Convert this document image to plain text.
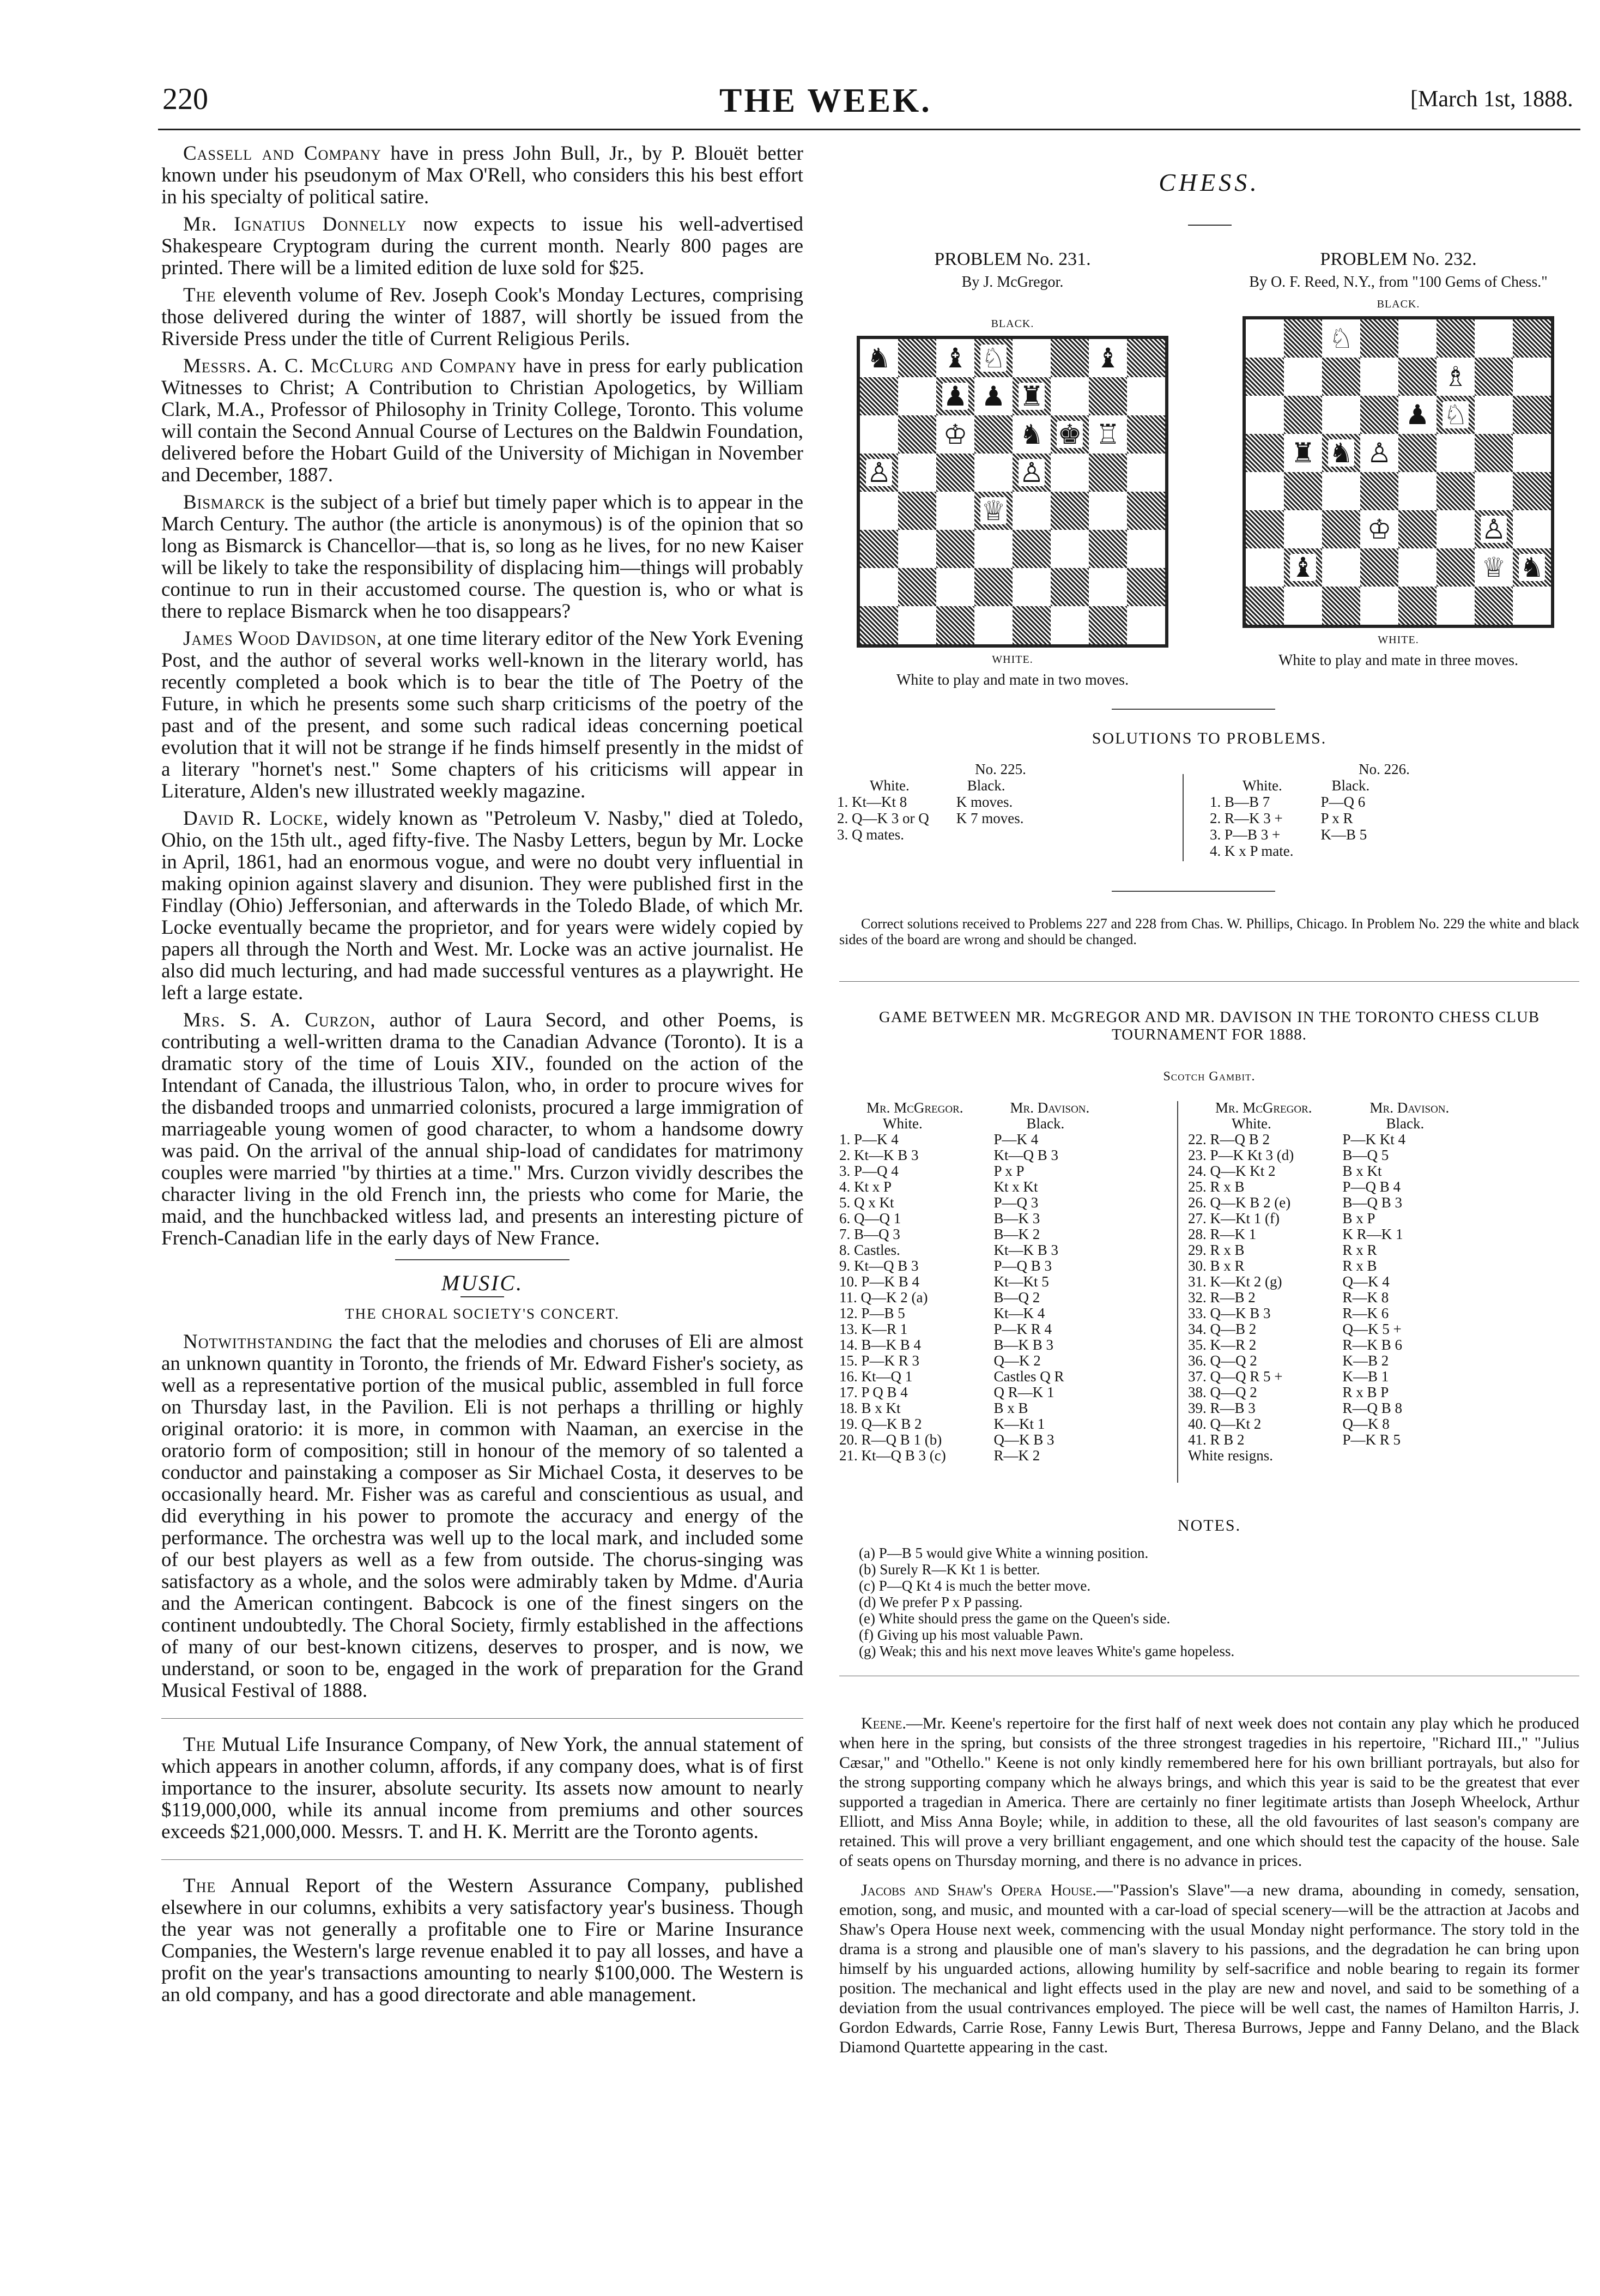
220	THE WEEK.	[March 1st, 1888.

Cassell and Company have in press John Bull, Jr., by P. Blouët better known under his pseudonym of Max O'Rell, who considers this his best effort in his specialty of political satire.

Mr. Ignatius Donnelly now expects to issue his well-advertised Shakespeare Cryptogram during the current month. Nearly 800 pages are printed. There will be a limited edition de luxe sold for $25.

The eleventh volume of Rev. Joseph Cook's Monday Lectures, comprising those delivered during the winter of 1887, will shortly be issued from the Riverside Press under the title of Current Religious Perils.

Messrs. A. C. McClurg and Company have in press for early publication Witnesses to Christ; A Contribution to Christian Apologetics, by William Clark, M.A., Professor of Philosophy in Trinity College, Toronto. This volume will contain the Second Annual Course of Lectures on the Baldwin Foundation, delivered before the Hobart Guild of the University of Michigan in November and December, 1887.

Bismarck is the subject of a brief but timely paper which is to appear in the March Century. The author (the article is anonymous) is of the opinion that so long as Bismarck is Chancellor—that is, so long as he lives, for no new Kaiser will be likely to take the responsibility of displacing him—things will probably continue to run in their accustomed course. The question is, who or what is there to replace Bismarck when he too disappears?

James Wood Davidson, at one time literary editor of the New York Evening Post, and the author of several works well-known in the literary world, has recently completed a book which is to bear the title of The Poetry of the Future, in which he presents some such sharp criticisms of the poetry of the past and of the present, and some such radical ideas concerning poetical evolution that it will not be strange if he finds himself presently in the midst of a literary "hornet's nest." Some chapters of his criticisms will appear in Literature, Alden's new illustrated weekly magazine.

David R. Locke, widely known as "Petroleum V. Nasby," died at Toledo, Ohio, on the 15th ult., aged fifty-five. The Nasby Letters, begun by Mr. Locke in April, 1861, had an enormous vogue, and were no doubt very influential in making opinion against slavery and disunion. They were published first in the Findlay (Ohio) Jeffersonian, and afterwards in the Toledo Blade, of which Mr. Locke eventually became the proprietor, and for years were widely copied by papers all through the North and West. Mr. Locke was an active journalist. He also did much lecturing, and had made successful ventures as a playwright. He left a large estate.

Mrs. S. A. Curzon, author of Laura Secord, and other Poems, is contributing a well-written drama to the Canadian Advance (Toronto). It is a dramatic story of the time of Louis XIV., founded on the action of the Intendant of Canada, the illustrious Talon, who, in order to procure wives for the disbanded troops and unmarried colonists, procured a large immigration of marriageable young women of good character, to whom a handsome dowry was paid. On the arrival of the annual ship-load of candidates for matrimony couples were married "by thirties at a time." Mrs. Curzon vividly describes the character living in the old French inn, the priests who come for Marie, the maid, and the hunchbacked witless lad, and presents an interesting picture of French-Canadian life in the early days of New France.

MUSIC.
THE CHORAL SOCIETY'S CONCERT.

Notwithstanding the fact that the melodies and choruses of Eli are almost an unknown quantity in Toronto, the friends of Mr. Edward Fisher's society, as well as a representative portion of the musical public, assembled in full force on Thursday last, in the Pavilion. Eli is not perhaps a thrilling or highly original oratorio: it is more, in common with Naaman, an exercise in the oratorio form of composition; still in honour of the memory of so talented a conductor and painstaking a composer as Sir Michael Costa, it deserves to be occasionally heard. Mr. Fisher was as careful and conscientious as usual, and did everything in his power to promote the accuracy and energy of the performance. The orchestra was well up to the local mark, and included some of our best players as well as a few from outside. The chorus-singing was satisfactory as a whole, and the solos were admirably taken by Mdme. d'Auria and the American contingent. Babcock is one of the finest singers on the continent undoubtedly. The Choral Society, firmly established in the affections of many of our best-known citizens, deserves to prosper, and is now, we understand, or soon to be, engaged in the work of preparation for the Grand Musical Festival of 1888.

The Mutual Life Insurance Company, of New York, the annual statement of which appears in another column, affords, if any company does, what is of first importance to the insurer, absolute security. Its assets now amount to nearly $119,000,000, while its annual income from premiums and other sources exceeds $21,000,000. Messrs. T. and H. K. Merritt are the Toronto agents.

The Annual Report of the Western Assurance Company, published elsewhere in our columns, exhibits a very satisfactory year's business. Though the year was not generally a profitable one to Fire or Marine Insurance Companies, the Western's large revenue enabled it to pay all losses, and have a profit on the year's transactions amounting to nearly $100,000. The Western is an old company, and has a good directorate and able management.

CHESS.
PROBLEM No. 231.
By J. McGregor.
BLACK.
♞ ♝ ♘	♝
♟ ♟ ♜
♔ ♞ ♚ ♖
♙	♙
♕
WHITE.
White to play and mate in two moves.
PROBLEM No. 232.
By O. F. Reed, N.Y., from "100 Gems of Chess."
BLACK.
♘
♗
♟ ♘
♜ ♞ ♙
♔	♙
♝	♕ ♞
WHITE.
White to play and mate in three moves.
SOLUTIONS TO PROBLEMS.
No. 225.
White.	Black.
1. Kt—Kt 8	K moves.
2. Q—K 3 or Q	K 7 moves.
3. Q mates.	
No. 226.
White.	Black.
1. B—B 7	P—Q 6
2. R—K 3 +	P x R
3. P—B 3 +	K—B 5
4. K x P mate.	
Correct solutions received to Problems 227 and 228 from Chas. W. Phillips, Chicago. In Problem No. 229 the white and black sides of the board are wrong and should be changed.
GAME BETWEEN MR. McGREGOR AND MR. DAVISON IN THE TORONTO CHESS CLUB TOURNAMENT FOR 1888.
Scotch Gambit.
Mr. McGregor.	Mr. Davison.
White.	Black.
1. P—K 4	P—K 4
2. Kt—K B 3	Kt—Q B 3
3. P—Q 4	P x P
4. Kt x P	Kt x Kt
5. Q x Kt	P—Q 3
6. Q—Q 1	B—K 3
7. B—Q 3	B—K 2
8. Castles.	Kt—K B 3
9. Kt—Q B 3	P—Q B 3
10. P—K B 4	Kt—Kt 5
11. Q—K 2 (a)	B—Q 2
12. P—B 5	Kt—K 4
13. K—R 1	P—K R 4
14. B—K B 4	B—K B 3
15. P—K R 3	Q—K 2
16. Kt—Q 1	Castles Q R
17. P Q B 4	Q R—K 1
18. B x Kt	B x B
19. Q—K B 2	K—Kt 1
20. R—Q B 1 (b)	Q—K B 3
21. Kt—Q B 3 (c)	R—K 2
Mr. McGregor.	Mr. Davison.
White.	Black.
22. R—Q B 2	P—K Kt 4
23. P—K Kt 3 (d)	B—Q 5
24. Q—K Kt 2	B x Kt
25. R x B	P—Q B 4
26. Q—K B 2 (e)	B—Q B 3
27. K—Kt 1 (f)	B x P
28. R—K 1	K R—K 1
29. R x B	R x R
30. B x R	R x B
31. K—Kt 2 (g)	Q—K 4
32. R—B 2	R—K 8
33. Q—K B 3	R—K 6
34. Q—B 2	Q—K 5 +
35. K—R 2	R—K B 6
36. Q—Q 2	K—B 2
37. Q—Q R 5 +	K—B 1
38. Q—Q 2	R x B P
39. R—B 3	R—Q B 8
40. Q—Kt 2	Q—K 8
41. R B 2	P—K R 5
White resigns.	
NOTES.
(a) P—B 5 would give White a winning position.
(b) Surely R—K Kt 1 is better.
(c) P—Q Kt 4 is much the better move.
(d) We prefer P x P passing.
(e) White should press the game on the Queen's side.
(f) Giving up his most valuable Pawn.
(g) Weak; this and his next move leaves White's game hopeless.

Keene.—Mr. Keene's repertoire for the first half of next week does not contain any play which he produced when here in the spring, but consists of the three strongest tragedies in his repertoire, "Richard III.," "Julius Cæsar," and "Othello." Keene is not only kindly remembered here for his own brilliant portrayals, but also for the strong supporting company which he always brings, and which this year is said to be the greatest that ever supported a tragedian in America. There are certainly no finer legitimate artists than Joseph Wheelock, Arthur Elliott, and Miss Anna Boyle; while, in addition to these, all the old favourites of last season's company are retained. This will prove a very brilliant engagement, and one which should test the capacity of the house. Sale of seats opens on Thursday morning, and there is no advance in prices.

Jacobs and Shaw's Opera House.—"Passion's Slave"—a new drama, abounding in comedy, sensation, emotion, song, and music, and mounted with a car-load of special scenery—will be the attraction at Jacobs and Shaw's Opera House next week, commencing with the usual Monday night performance. The story told in the drama is a strong and plausible one of man's slavery to his passions, and the degradation he can bring upon himself by his unguarded actions, allowing humility by self-sacrifice and noble bearing to regain its former position. The mechanical and light effects used in the play are new and novel, and said to be something of a deviation from the usual contrivances employed. The piece will be well cast, the names of Hamilton Harris, J. Gordon Edwards, Carrie Rose, Fanny Lewis Burt, Theresa Burrows, Jeppe and Fanny Delano, and the Black Diamond Quartette appearing in the cast.
